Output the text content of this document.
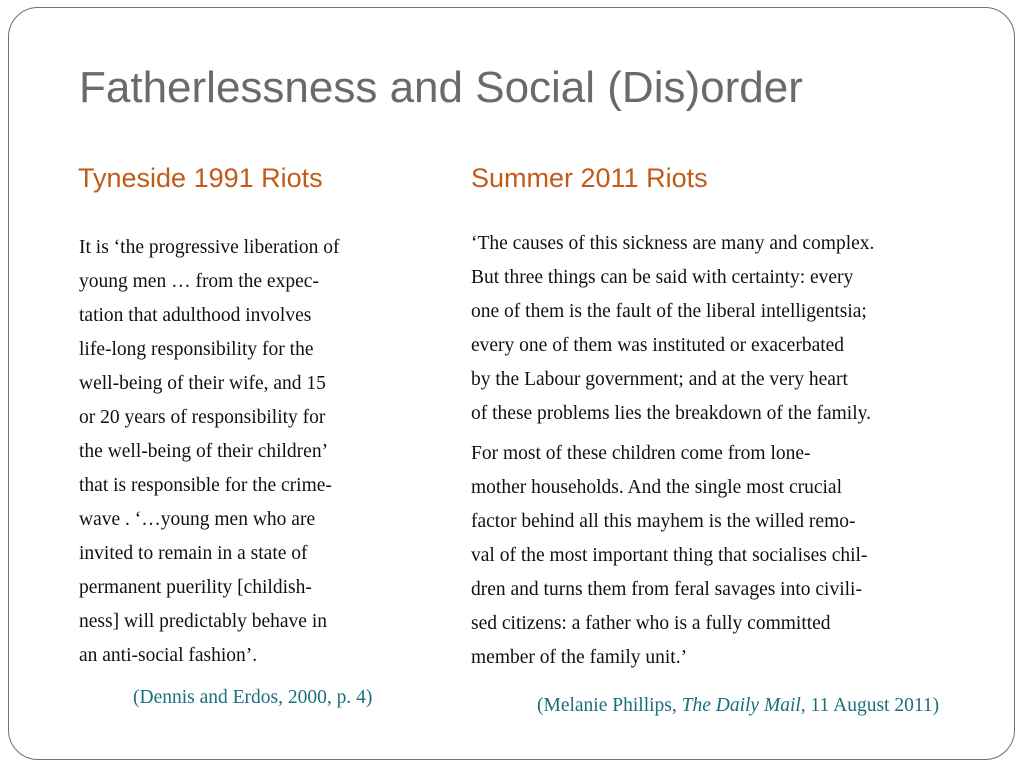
Fatherlessness and Social (Dis)order
Tyneside 1991 Riots	Summer 2011 Riots
It is ‘the progressive liberation of
young men … from the expec-
tation that adulthood involves
life-long responsibility for the
well-being of their wife, and 15
or 20 years of responsibility for
the well-being of their children’
that is responsible for the crime-
wave . ‘…young men who are
invited to remain in a state of
permanent puerility [childish-
ness] will predictably behave in
an anti-social fashion’.
‘The causes of this sickness are many and complex.
But three things can be said with certainty: every
one of them is the fault of the liberal intelligentsia;
every one of them was instituted or exacerbated
by the Labour government; and at the very heart
of these problems lies the breakdown of the family.
For most of these children come from lone-
mother households. And the single most crucial
factor behind all this mayhem is the willed remo-
val of the most important thing that socialises chil-
dren and turns them from feral savages into civili-
sed citizens: a father who is a fully committed
member of the family unit.’
(Dennis and Erdos, 2000, p. 4)	(Melanie Phillips, The Daily Mail, 11 August 2011)
